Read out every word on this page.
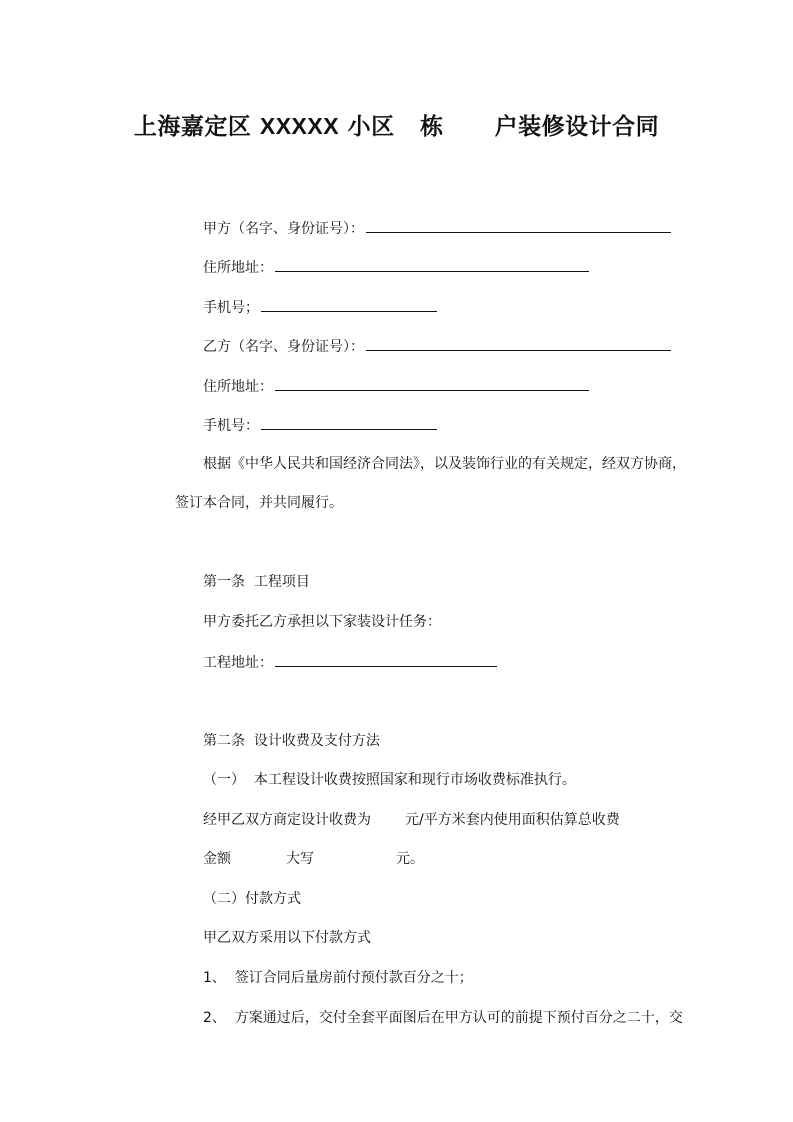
上海嘉定区 XXXXX 小区   栋      户装修设计合同
甲方（名字、身份证号）：
住所地址：
手机号；
乙方（名字、身份证号）：
住所地址：
手机号：
根据《中华人民共和国经济合同法》，以及装饰行业的有关规定，经双方协商，
签订本合同，并共同履行。
第一条  工程项目
甲方委托乙方承担以下家装设计任务：
工程地址：
第二条  设计收费及支付方法
（一）  本工程设计收费按照国家和现行市场收费标准执行。
经甲乙双方商定设计收费为 元/平方米套内使用面积估算总收费
金额	大写	元。
（二）付款方式
甲乙双方采用以下付款方式
1、  签订合同后量房前付预付款百分之十；
2、  方案通过后，交付全套平面图后在甲方认可的前提下预付百分之二十，交
